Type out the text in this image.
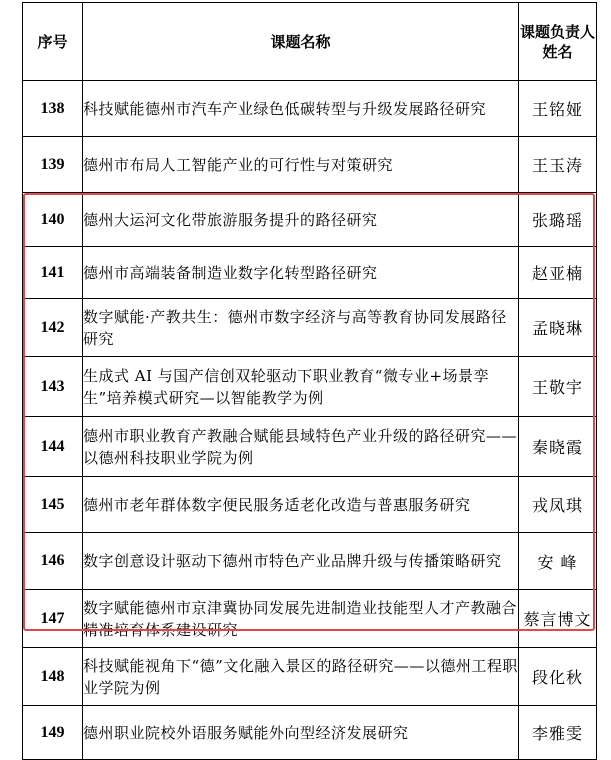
序号	课题名称	课题负责人
姓名
138	科技赋能德州市汽车产业绿色低碳转型与升级发展路径研究	王铭娅
139	德州市布局人工智能产业的可行性与对策研究	王玉涛
140	德州大运河文化带旅游服务提升的路径研究	张璐瑶
141	德州市高端装备制造业数字化转型路径研究	赵亚楠
142	数字赋能·产教共生：德州市数字经济与高等教育协同发展路径研究	孟晓琳
143	生成式 AI 与国产信创双轮驱动下职业教育“微专业+场景孪生”培养模式研究—以智能教学为例	王敬宇
144	德州市职业教育产教融合赋能县域特色产业升级的路径研究——以德州科技职业学院为例	秦晓霞
145	德州市老年群体数字便民服务适老化改造与普惠服务研究	戎凤琪
146	数字创意设计驱动下德州市特色产业品牌升级与传播策略研究	安 峰
147	数字赋能德州市京津冀协同发展先进制造业技能型人才产教融合精准培育体系建设研究	蔡言博文
148	科技赋能视角下“德”文化融入景区的路径研究——以德州工程职业学院为例	段化秋
149	德州职业院校外语服务赋能外向型经济发展研究	李雅雯
